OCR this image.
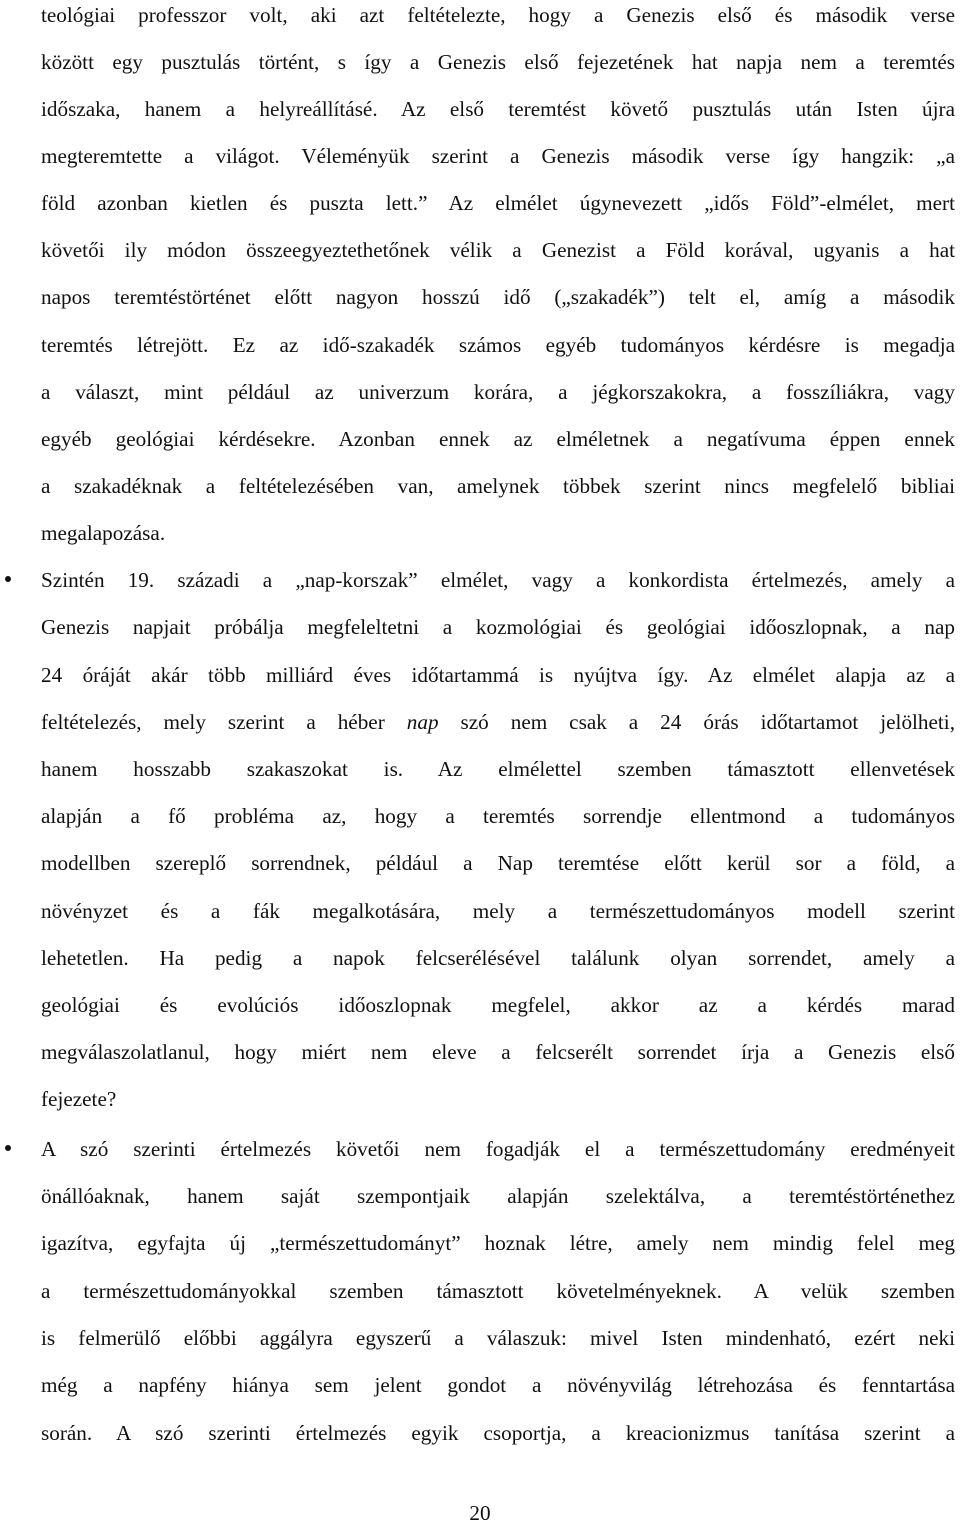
teológiai professzor volt, aki azt feltételezte, hogy a Genezis első és második verse
között egy pusztulás történt, s így a Genezis első fejezetének hat napja nem a teremtés
időszaka, hanem a helyreállításé. Az első teremtést követő pusztulás után Isten újra
megteremtette a világot. Véleményük szerint a Genezis második verse így hangzik: „a
föld azonban kietlen és puszta lett.” Az elmélet úgynevezett „idős Föld”-elmélet, mert
követői ily módon összeegyeztethetőnek vélik a Genezist a Föld korával, ugyanis a hat
napos teremtéstörténet előtt nagyon hosszú idő („szakadék”) telt el, amíg a második
teremtés létrejött. Ez az idő-szakadék számos egyéb tudományos kérdésre is megadja
a választ, mint például az univerzum korára, a jégkorszakokra, a fosszíliákra, vagy
egyéb geológiai kérdésekre. Azonban ennek az elméletnek a negatívuma éppen ennek
a szakadéknak a feltételezésében van, amelynek többek szerint nincs megfelelő bibliai
megalapozása.
Szintén 19. századi a „nap-korszak” elmélet, vagy a konkordista értelmezés, amely a
Genezis napjait próbálja megfeleltetni a kozmológiai és geológiai időoszlopnak, a nap
24 óráját akár több milliárd éves időtartammá is nyújtva így. Az elmélet alapja az a
feltételezés, mely szerint a héber nap szó nem csak a 24 órás időtartamot jelölheti,
hanem hosszabb szakaszokat is. Az elmélettel szemben támasztott ellenvetések
alapján a fő probléma az, hogy a teremtés sorrendje ellentmond a tudományos
modellben szereplő sorrendnek, például a Nap teremtése előtt kerül sor a föld, a
növényzet és a fák megalkotására, mely a természettudományos modell szerint
lehetetlen. Ha pedig a napok felcserélésével találunk olyan sorrendet, amely a
geológiai és evolúciós időoszlopnak megfelel, akkor az a kérdés marad
megválaszolatlanul, hogy miért nem eleve a felcserélt sorrendet írja a Genezis első
fejezete?
A szó szerinti értelmezés követői nem fogadják el a természettudomány eredményeit
önállóaknak, hanem saját szempontjaik alapján szelektálva, a teremtéstörténethez
igazítva, egyfajta új „természettudományt” hoznak létre, amely nem mindig felel meg
a természettudományokkal szemben támasztott követelményeknek. A velük szemben
is felmerülő előbbi aggályra egyszerű a válaszuk: mivel Isten mindenható, ezért neki
még a napfény hiánya sem jelent gondot a növényvilág létrehozása és fenntartása
során. A szó szerinti értelmezés egyik csoportja, a kreacionizmus tanítása szerint a
20
